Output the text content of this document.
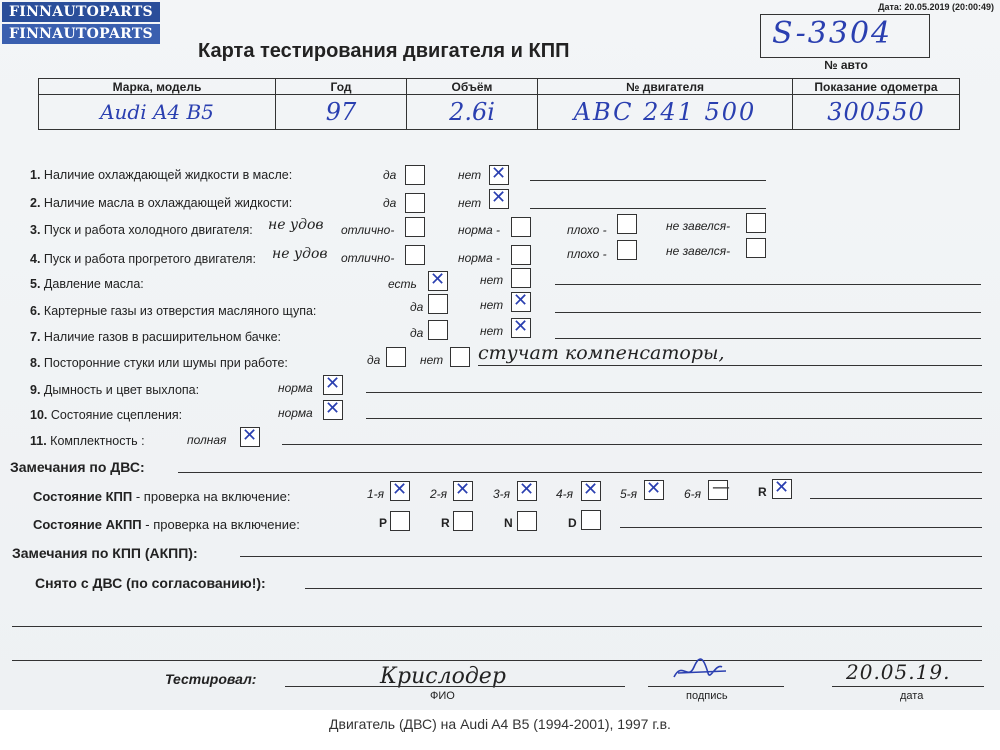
FINNAUTOPARTS
FINNAUTOPARTS
Дата: 20.05.2019 (20:00:49)
Карта тестирования двигателя и КПП	S-3304
№ авто
Марка, модель	Год	Объём	№ двигателя	Показание одометра
Audi A4 B5	97	2.6i	ABC 241 500	300550
1. Наличие охлаждающей жидкости в масле:	да	нет ✕
2. Наличие масла в охлаждающей жидкости:	да	нет ✕
3. Пуск и работа холодного двигателя: не удов отлично-	норма -	плохо -	не завелся-
4. Пуск и работа прогретого двигателя: не удов отлично-	норма -	плохо -	не завелся-
5. Давление масла:	есть ✕	нет
6. Картерные газы из отверстия масляного щупа:	да	нет ✕
7. Наличие газов в расширительном бачке:	да	нет ✕
8. Посторонние стуки или шумы при работе:	да	нет стучат компенсаторы,
9. Дымность и цвет выхлопа:	норма ✕
10. Состояние сцепления:	норма ✕
11. Комплектность :	полная ✕
Замечания по ДВС:
Состояние КПП - проверка на включение:	1-я ✕ 2-я ✕ 3-я ✕ 4-я ✕ 5-я ✕ 6-я — R ✕
Состояние АКПП - проверка на включение:	P	R	N	D
Замечания по КПП (АКПП):
Снято с ДВС (по согласованию!):
Тестировал:	Крислодер
ФИО	подпись
20.05.19.
дата
Двигатель (ДВС) на Audi A4 B5 (1994-2001), 1997 г.в.
